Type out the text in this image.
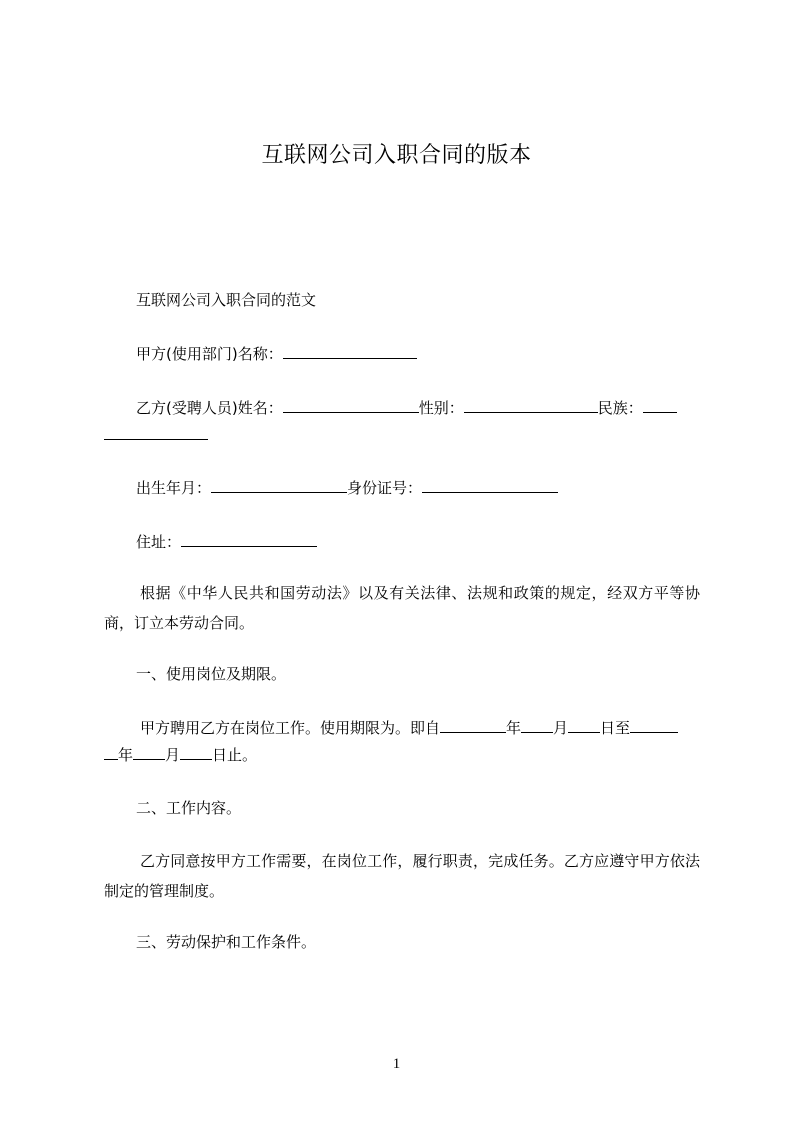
互联网公司入职合同的版本
互联网公司入职合同的范文
甲方(使用部门)名称：
乙方(受聘人员)姓名：	性别：	民族：
出生年月：	身份证号：
住址：
根据《中华人民共和国劳动法》以及有关法律、法规和政策的规定，经双方平等协商，订立本劳动合同。
一、使用岗位及期限。
甲方聘用乙方在岗位工作。使用期限为。即自	年 月 日至
年 月 日止。
二、工作内容。
乙方同意按甲方工作需要，在岗位工作，履行职责，完成任务。乙方应遵守甲方依法制定的管理制度。
三、劳动保护和工作条件。
1
